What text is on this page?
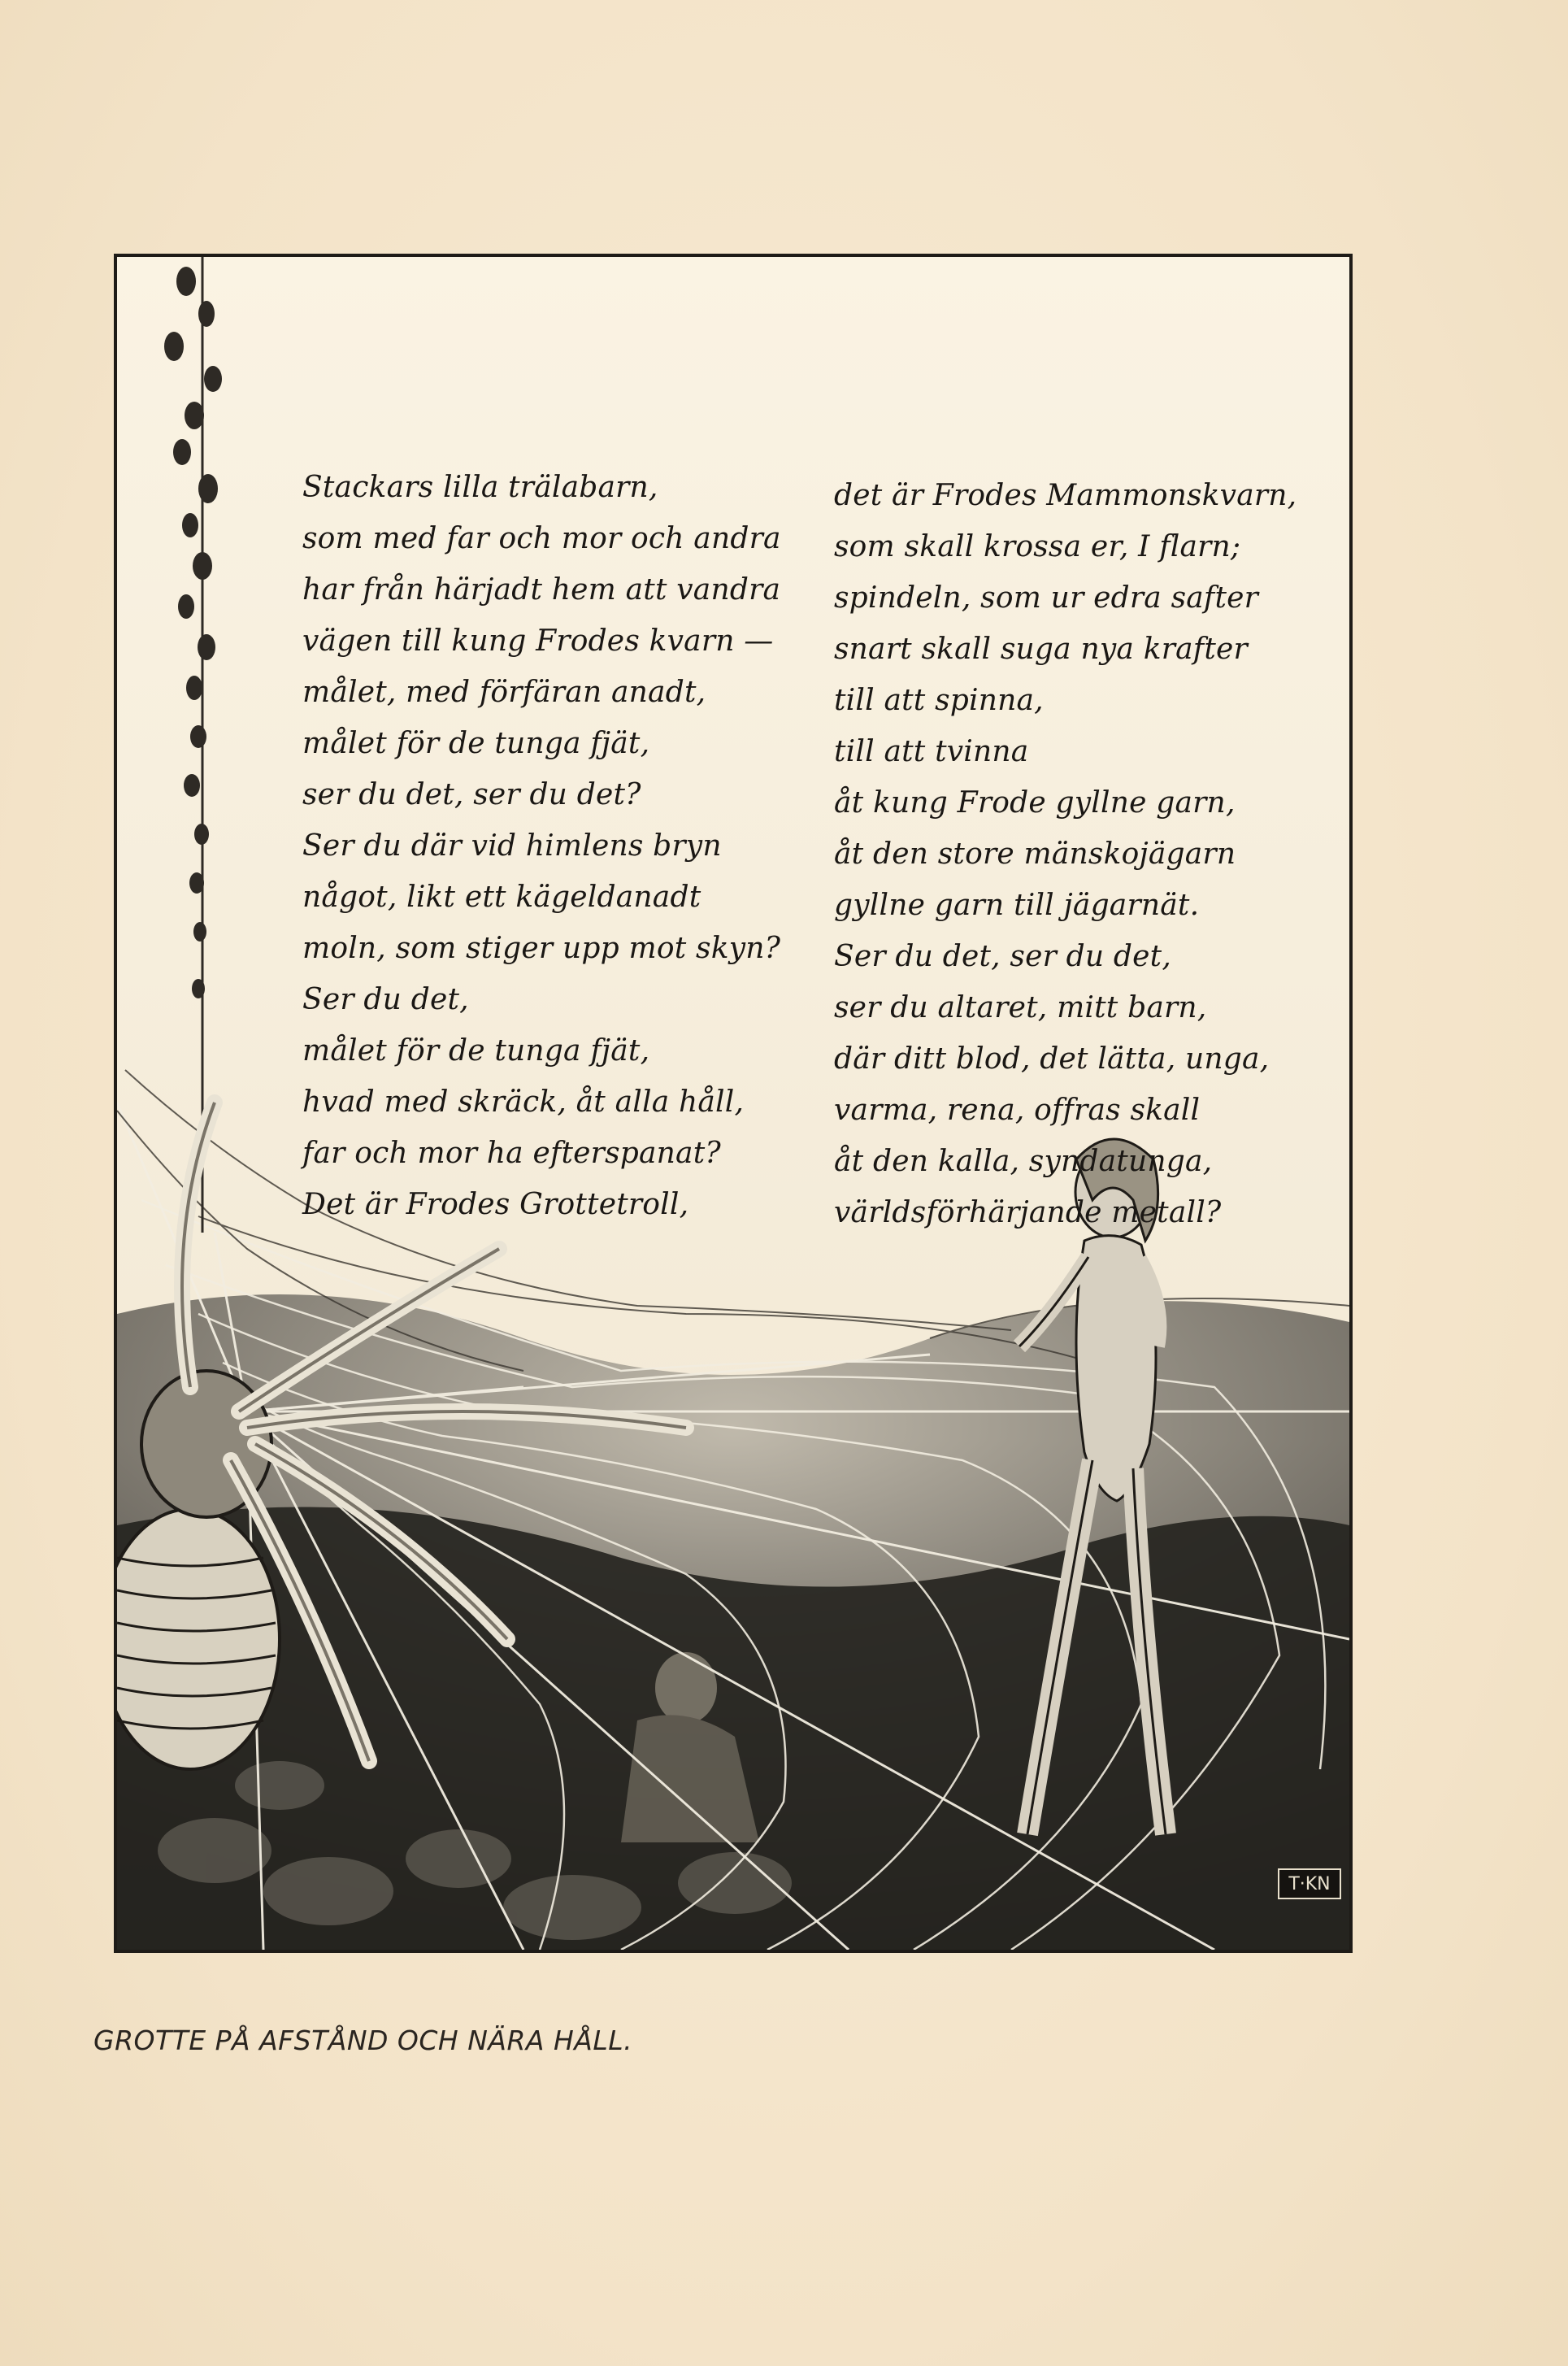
Stackars lilla trälabarn,
som med far och mor och andra
har från härjadt hem att vandra
vägen till kung Frodes kvarn —
målet, med förfäran anadt,
målet för de tunga fjät,
ser du det, ser du det?
Ser du där vid himlens bryn
något, likt ett kägeldanadt
moln, som stiger upp mot skyn?
Ser du det,
målet för de tunga fjät,
hvad med skräck, åt alla håll,
far och mor ha efterspanat?
Det är Frodes Grottetroll,
det är Frodes Mammonskvarn,
som skall krossa er, I flarn;
spindeln, som ur edra safter
snart skall suga nya krafter
till att spinna,
till att tvinna
åt kung Frode gyllne garn,
åt den store mänskojägarn
gyllne garn till jägarnät.
Ser du det, ser du det,
ser du altaret, mitt barn,
där ditt blod, det lätta, unga,
varma, rena, offras skall
åt den kalla, syndatunga,
världsförhärjande metall?
T·KN
GROTTE PÅ AFSTÅND OCH NÄRA HÅLL.
